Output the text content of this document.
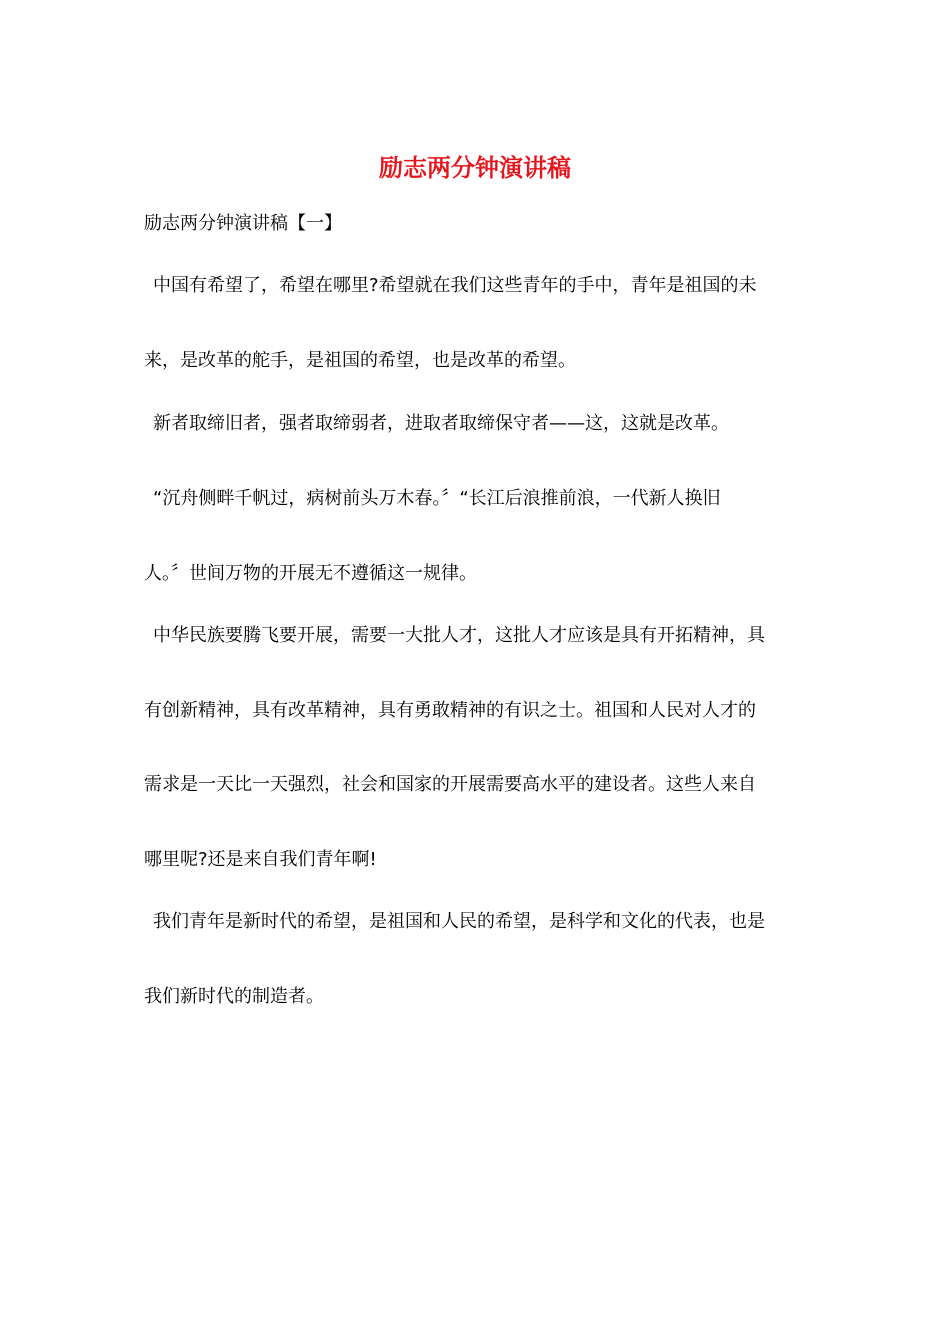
励志两分钟演讲稿
励志两分钟演讲稿【一】
中国有希望了，希望在哪里?希望就在我们这些青年的手中，青年是祖国的未
来，是改革的舵手，是祖国的希望，也是改革的希望。
新者取缔旧者，强者取缔弱者，进取者取缔保守者——这，这就是改革。
“沉舟侧畔千帆过，病树前头万木春。〞“长江后浪推前浪，一代新人换旧
人。〞世间万物的开展无不遵循这一规律。
中华民族要腾飞要开展，需要一大批人才，这批人才应该是具有开拓精神，具
有创新精神，具有改革精神，具有勇敢精神的有识之士。祖国和人民对人才的
需求是一天比一天强烈，社会和国家的开展需要高水平的建设者。这些人来自
哪里呢?还是来自我们青年啊!
我们青年是新时代的希望，是祖国和人民的希望，是科学和文化的代表，也是
我们新时代的制造者。
